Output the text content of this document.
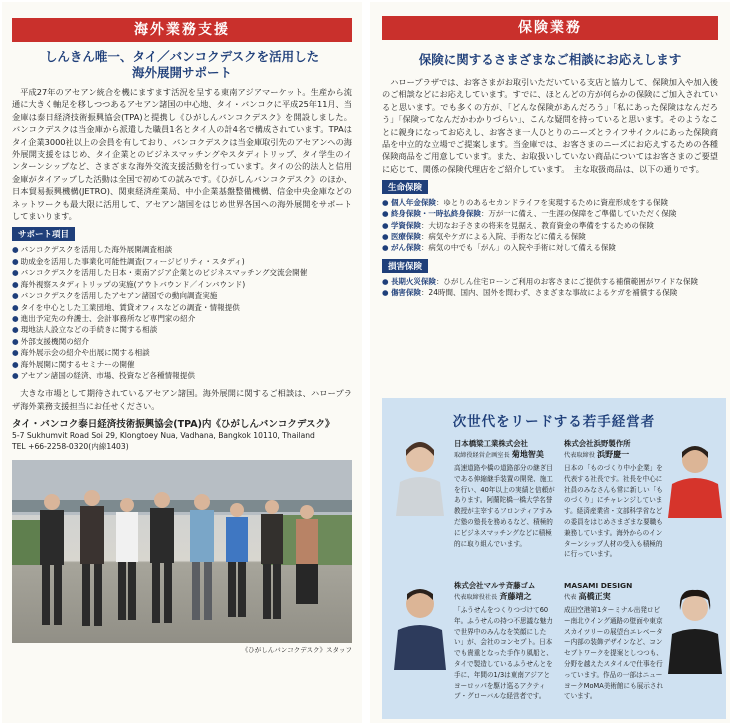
海外業務支援
しんきん唯一、タイ／バンコクデスクを活用した
海外展開サポート

平成27年のアセアン統合を機にますます活況を呈する東南アジアマーケット。生産から流通に大きく軸足を移しつつあるアセアン諸国の中心地、タイ・バンコクに平成25年11月、当金庫は泰日経済技術振興協会(TPA)と提携し《ひがしんバンコクデスク》を開設しました。バンコクデスクは当金庫から派遣した職員1名とタイ人の計4名で構成されています。TPAはタイ企業3000社以上の会員を有しており、バンコクデスクは当金庫取引先のアセアンへの海外展開支援をはじめ、タイ企業とのビジネスマッチングやスタディトリップ、タイ学生のインターンシップなど、さまざまな海外交流支援活動を行っています。タイの公的法人と信用金庫がタイアップした活動は全国で初めての試みです。《ひがしんバンコクデスク》のほか、日本貿易振興機構(JETRO)、関東経済産業局、中小企業基盤整備機構、信金中央金庫などのネットワークも最大限に活用して、アセアン諸国をはじめ世界各国への海外展開をサポートしてまいります。

サポート項目
● バンコクデスクを活用した海外展開調査相談
● 助成金を活用した事業化可能性調査(フィージビリティ・スタディ)
● バンコクデスクを活用した日本・東南アジア企業とのビジネスマッチング交流会開催
● 海外視察スタディトリップの実施(アウトバウンド／インバウンド)
● バンコクデスクを活用したアセアン諸国での動向調査実施
● タイを中心とした工業団地、賃貸オフィスなどの調査・情報提供
● 進出予定先の弁護士、会計事務所など専門家の紹介
● 現地法人設立などの手続きに関する相談
● 外部支援機関の紹介
● 海外展示会の紹介や出展に関する相談
● 海外展開に関するセミナーの開催
● アセアン諸国の経済、市場、投資など各種情報提供

大きな市場として期待されているアセアン諸国。海外展開に関するご相談は、ハロープラザ海外業務支援担当にお任せください。

タイ・バンコク泰日経済技術振興協会(TPA)内《ひがしんバンコクデスク》
5-7 Sukhumvit Road Soi 29, Klongtoey Nua, Vadhana, Bangkok 10110, Thailand
TEL +66-2258-0320(内線1403)
《ひがしんバンコクデスク》スタッフ
保険業務
保険に関するさまざまなご相談にお応えします

ハロープラザでは、お客さまがお取引いただいている支店と協力して、保険加入や加入後のご相談などにお応えしています。すでに、ほとんどの方が何らかの保険にご加入されていると思います。でも多くの方が、「どんな保険があんだろう」「私にあった保険はなんだろう」「保険ってなんだかわかりづらい」、こんな疑問を持っていると思います。そのようなことに親身になってお応えし、お客さま一人ひとりのニーズとライフサイクルにあった保険商品を中立的な立場でご提案します。当金庫では、お客さまのニーズにお応えするための各種保険商品をご用意しています。また、お取扱いしていない商品についてはお客さまのご要望に応じて、関係の保険代理店をご紹介しています。　主な取扱商品は、以下の通りです。

生命保険
● 個人年金保険：ゆとりのあるセカンドライフを実現するために資産形成をする保険
● 終身保険・一時払終身保険：万が一に備え、一生涯の保障をご準備していただく保険
● 学資保険：大切なお子さまの将来を見据え、教育資金の準備をするための保険
● 医療保険：病気やケガによる入院、手術などに備える保険
● がん保険：病気の中でも「がん」の入院や手術に対して備える保険
損害保険
● 長期火災保険：ひがしん住宅ローンご利用のお客さまにご提供する補償範囲がワイドな保険
● 傷害保険：24時間、国内、国外を問わず、さまざまな事故によるケガを補償する保険
次世代をリードする若手経営者
日本橋梁工業株式会社
取締役経営企画室長 菊地智美
高速道路や橋の道路部分の継ぎ目である伸縮継手装置の開発、施工を行い、40年以上の実績と信頼があります。阿蘭陀橋一橋大学名誉教授が主宰するフロンティアすみだ塾の塾長を務めるなど、積極的にビジネスマッチングなどに積極的に取り組んでいます。
株式会社浜野製作所
代表取締役 浜野慶一
日本の「ものづくり中小企業」を代表する社長です。社長を中心に社員のみなさんも常に新しい「ものづくり」にチャレンジしています。経済産業省・文部科学省などの委員をはじめさまざまな要職も兼務しています。海外からのインターンシップ人材の受入も積極的に行っています。
株式会社マルサ斉藤ゴム
代表取締役社長 斉藤靖之
「ふうせんをつくりつづけて60年。ふうせんの持つ不思議な魅力で世界中のみんなを笑顔にしたい」が、会社のコンセプト。日本でも貴重となった手作り風船と、タイで製造しているふうせんとを手に、年間の1/3は東南アジアとヨーロッパを駆け巡るアクティブ・グローバルな経営者です。
MASAMI DESIGN
代表 高橋正実
成田空港第1ターミナル出発ロビー南北ウイング通路の壁面や東京スカイツリーの展望台エレベーター内部の装飾デザインなど、コンセプトワークを提案としつつも、分野を越えたスタイルで仕事を行っています。作品の一部はニューヨークMoMA美術館にも展示されています。
